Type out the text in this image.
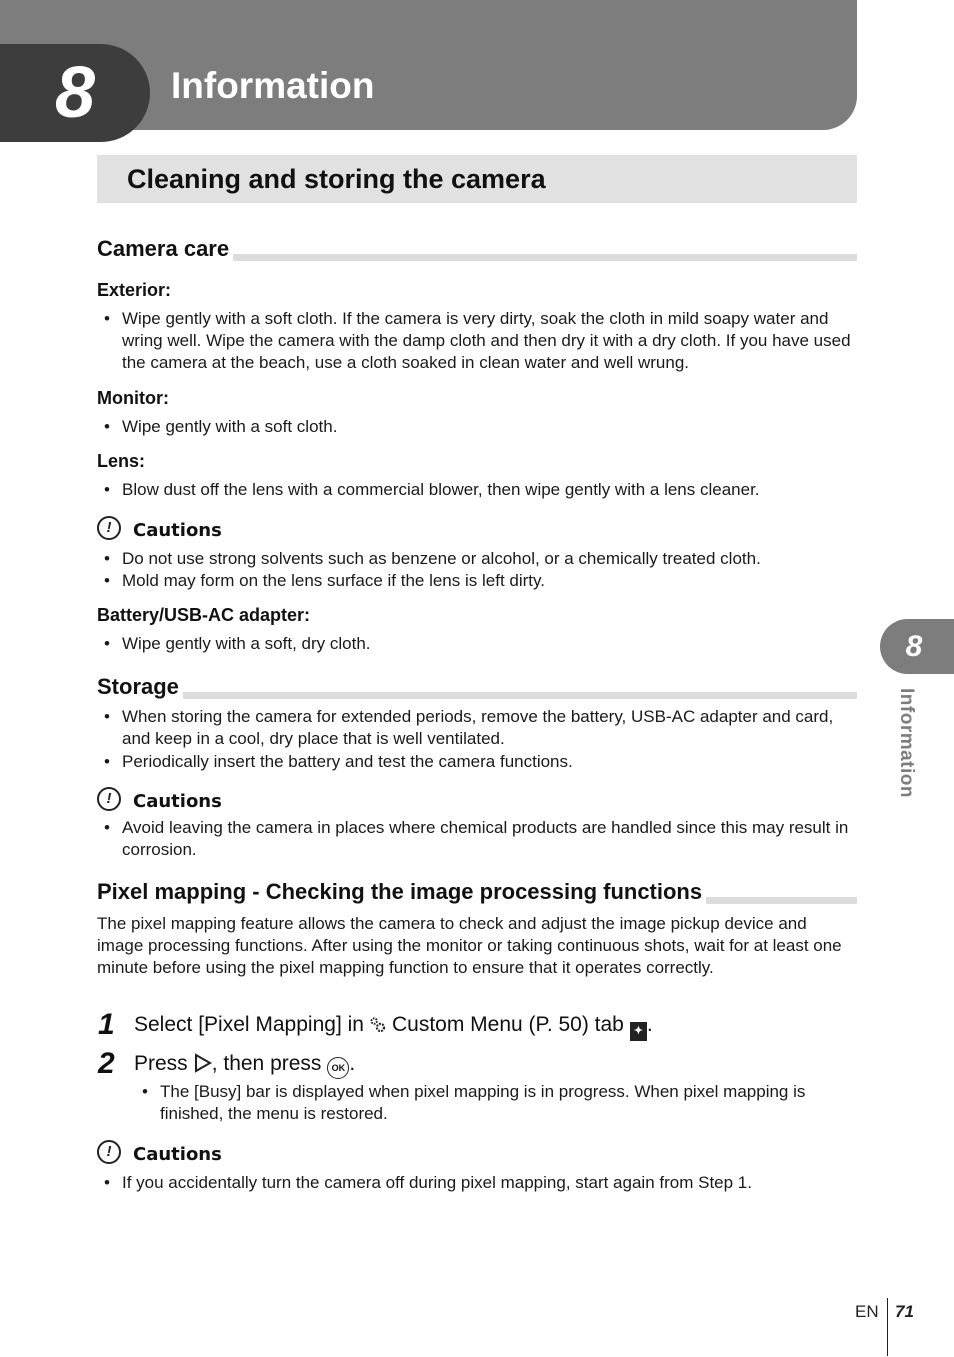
8	Information
Cleaning and storing the camera
Camera care
Exterior:
• Wipe gently with a soft cloth. If the camera is very dirty, soak the cloth in mild soapy water and wring well. Wipe the camera with the damp cloth and then dry it with a dry cloth. If you have used the camera at the beach, use a cloth soaked in clean water and well wrung.
Monitor:
• Wipe gently with a soft cloth.
Lens:
• Blow dust off the lens with a commercial blower, then wipe gently with a lens cleaner.
!	Cautions
• Do not use strong solvents such as benzene or alcohol, or a chemically treated cloth.
• Mold may form on the lens surface if the lens is left dirty.
Battery/USB-AC adapter:
• Wipe gently with a soft, dry cloth.
Storage
• When storing the camera for extended periods, remove the battery, USB-AC adapter and card, and keep in a cool, dry place that is well ventilated.
• Periodically insert the battery and test the camera functions.
!	Cautions
• Avoid leaving the camera in places where chemical products are handled since this may result in corrosion.
Pixel mapping - Checking the image processing functions
The pixel mapping feature allows the camera to check and adjust the image pickup device and image processing functions. After using the monitor or taking continuous shots, wait for at least one minute before using the pixel mapping function to ensure that it operates correctly.
1 Select [Pixel Mapping] in Custom Menu (P. 50) tab ✦ .
2 Press , then press OK .
• The [Busy] bar is displayed when pixel mapping is in progress. When pixel mapping is finished, the menu is restored.
!	Cautions
• If you accidentally turn the camera off during pixel mapping, start again from Step 1.
8
Information
EN 71
